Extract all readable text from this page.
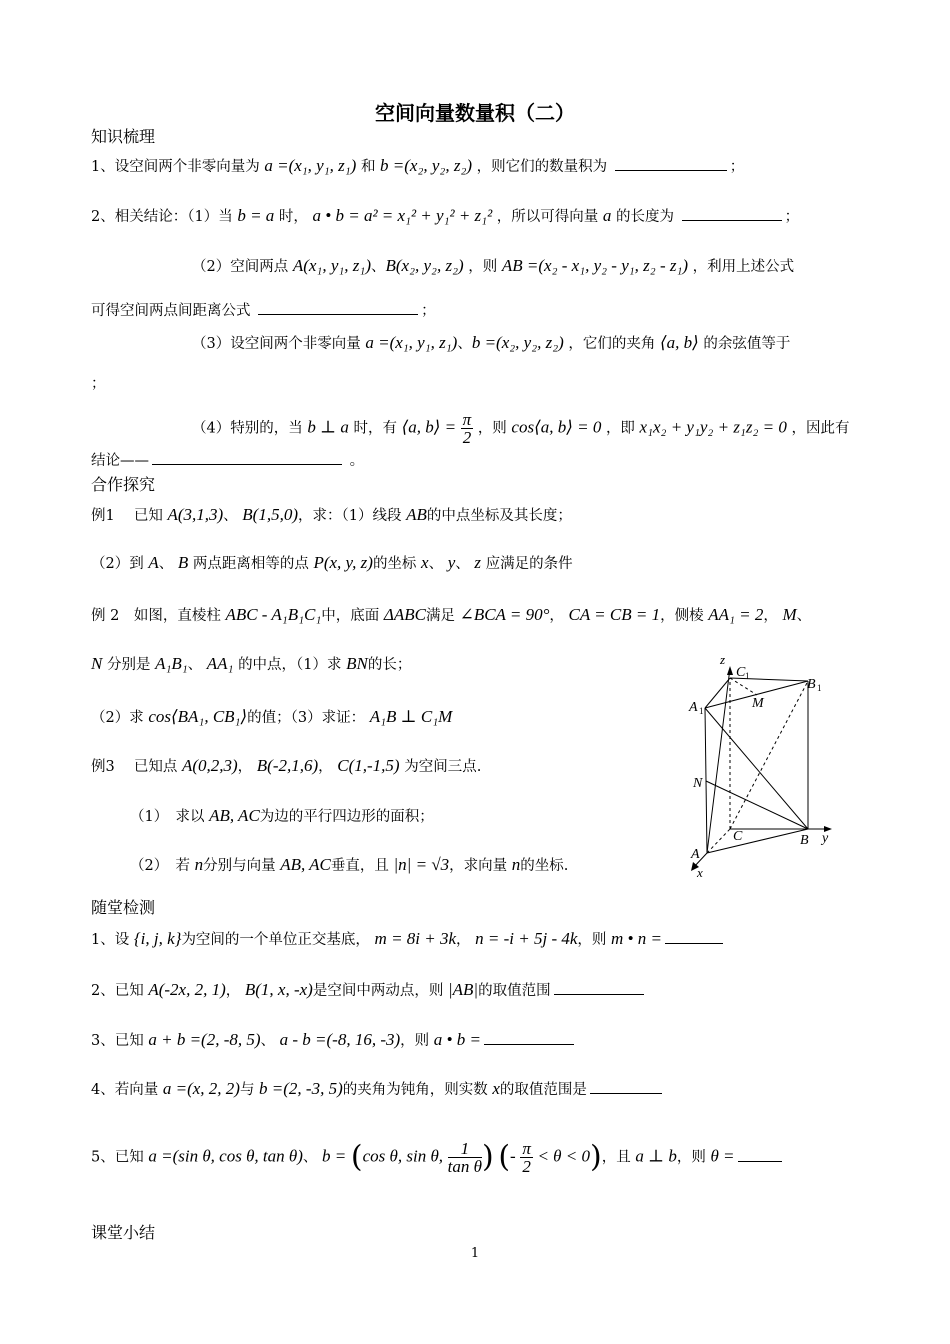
空间向量数量积（二）
知识梳理
1、设空间两个非零向量为 a =(x₁, y₁, z₁) 和 b =(x₂, y₂, z₂) ，则它们的数量积为	；
2、相关结论：（1）当 b = a 时， a • b = a² = x₁² + y₁² + z₁² ，所以可得向量 a 的长度为	；
（2）空间两点 A(x₁, y₁, z₁)、B(x₂, y₂, z₂) ，则 AB =(x₂ - x₁, y₂ - y₁, z₂ - z₁) ，利用上述公式
可得空间两点间距离公式	；
（3）设空间两个非零向量 a =(x₁, y₁, z₁)、b =(x₂, y₂, z₂) ，它们的夹角 ⟨a, b⟩ 的余弦值等于
；
（4）特别的，当 b ⊥ a 时，有 ⟨a, b⟩ = $\frac{\pi}{2}$ ，则 cos⟨a, b⟩ = 0 ，即 x₁x₂ + y₁y₂ + z₁z₂ = 0 ，因此有
结论——	。
合作探究
例1　 已知 A(3,1,3)、 B(1,5,0)，求：（1）线段 AB的中点坐标及其长度；
（2）到 A、 B 两点距离相等的点 P(x, y, z)的坐标 x、 y、 z 应满足的条件
例 2　如图，直棱柱 ABC - A₁B₁C₁中，底面 ΔABC满足 ∠BCA = 90°， CA = CB = 1，侧棱 AA₁ = 2， M、
N 分别是 A₁B₁、 AA₁ 的中点，（1）求 BN的长；
（2）求 cos⟨BA₁, CB₁⟩的值；（3）求证： A₁B ⊥ C₁M
例3　 已知点 A(0,2,3)， B(-2,1,6)， C(1,-1,5) 为空间三点.
（1）　求以 AB, AC为边的平行四边形的面积；
（2）　若 n分别与向量 AB, AC垂直，且 |n| = √3，求向量 n的坐标.
z
C 1
B 1
A 1	M
N
C	B y
A
x
随堂检测
1、设 {i, j, k}为空间的一个单位正交基底， m = 8i + 3k， n = -i + 5j - 4k，则 m • n =
2、已知 A(-2x, 2, 1)， B(1, x, -x)是空间中两动点，则 |AB|的取值范围
3、已知 a + b =(2, -8, 5)、 a - b =(-8, 16, -3)，则 a • b =
4、若向量 a =(x, 2, 2)与 b =(2, -3, 5)的夹角为钝角，则实数 x的取值范围是
5、已知 a =(sin θ, cos θ, tan θ)、 b = (cos θ, sin θ, $\frac{1}{\text{tan θ}}$ ) (- $\frac{\pi}{2} < \theta < 0$)，且 a ⊥ b，则 θ =
课堂小结
1
